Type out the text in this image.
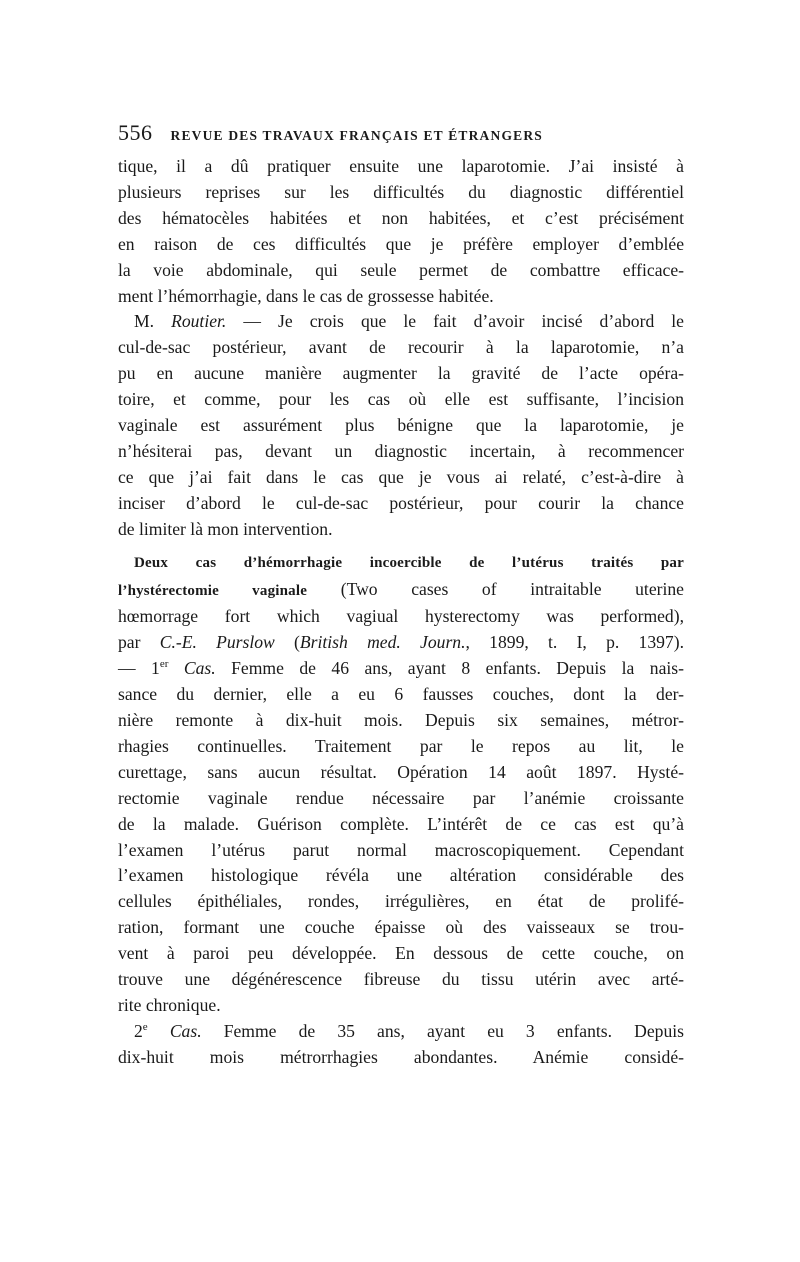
556 REVUE DES TRAVAUX FRANÇAIS ET ÉTRANGERS

tique, il a dû pratiquer ensuite une laparotomie. J’ai insisté à
plusieurs reprises sur les difficultés du diagnostic différentiel
des hématocèles habitées et non habitées, et c’est précisément
en raison de ces difficultés que je préfère employer d’emblée
la voie abdominale, qui seule permet de combattre efficace-
ment l’hémorrhagie, dans le cas de grossesse habitée.

M. Routier. — Je crois que le fait d’avoir incisé d’abord le
cul-de-sac postérieur, avant de recourir à la laparotomie, n’a
pu en aucune manière augmenter la gravité de l’acte opéra-
toire, et comme, pour les cas où elle est suffisante, l’incision
vaginale est assurément plus bénigne que la laparotomie, je
n’hésiterai pas, devant un diagnostic incertain, à recommencer
ce que j’ai fait dans le cas que je vous ai relaté, c’est-à-dire à
inciser d’abord le cul-de-sac postérieur, pour courir la chance
de limiter là mon intervention.

Deux cas d’hémorrhagie incoercible de l’utérus traités par
l’hystérectomie vaginale (Two cases of intraitable uterine
hœmorrage fort which vagiual hysterectomy was performed),
par C.-E. Purslow (British med. Journ., 1899, t. I, p. 1397).
— 1er Cas. Femme de 46 ans, ayant 8 enfants. Depuis la nais-
sance du dernier, elle a eu 6 fausses couches, dont la der-
nière remonte à dix-huit mois. Depuis six semaines, métror-
rhagies continuelles. Traitement par le repos au lit, le
curettage, sans aucun résultat. Opération 14 août 1897. Hysté-
rectomie vaginale rendue nécessaire par l’anémie croissante
de la malade. Guérison complète. L’intérêt de ce cas est qu’à
l’examen l’utérus parut normal macroscopiquement. Cependant
l’examen histologique révéla une altération considérable des
cellules épithéliales, rondes, irrégulières, en état de prolifé-
ration, formant une couche épaisse où des vaisseaux se trou-
vent à paroi peu développée. En dessous de cette couche, on
trouve une dégénérescence fibreuse du tissu utérin avec arté-
rite chronique.

2e Cas. Femme de 35 ans, ayant eu 3 enfants. Depuis
dix-huit mois métrorrhagies abondantes. Anémie considé-
